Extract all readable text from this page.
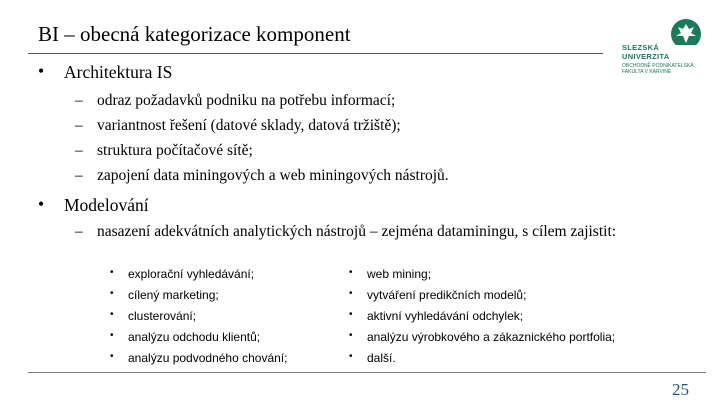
BI – obecná kategorizace komponent
SLEZSKÁ
UNIVERZITA
OBCHODNĚ PODNIKATELSKÁ
FAKULTA V KARVINÉ
• Architektura IS
– odraz požadavků podniku na potřebu informací;
– variantnost řešení (datové sklady, datová tržiště);
– struktura počítačové sítě;
– zapojení data miningových a web miningových nástrojů.
• Modelování
– nasazení adekvátních analytických nástrojů – zejména dataminingu, s cílem zajistit:
• explorační vyhledávání;
• cílený marketing;
• clusterování;
• analýzu odchodu klientů;
• analýzu podvodného chování;
• web mining;
• vytváření predikčních modelů;
• aktivní vyhledávání odchylek;
• analýzu výrobkového a zákaznického portfolia;
• další.
25
